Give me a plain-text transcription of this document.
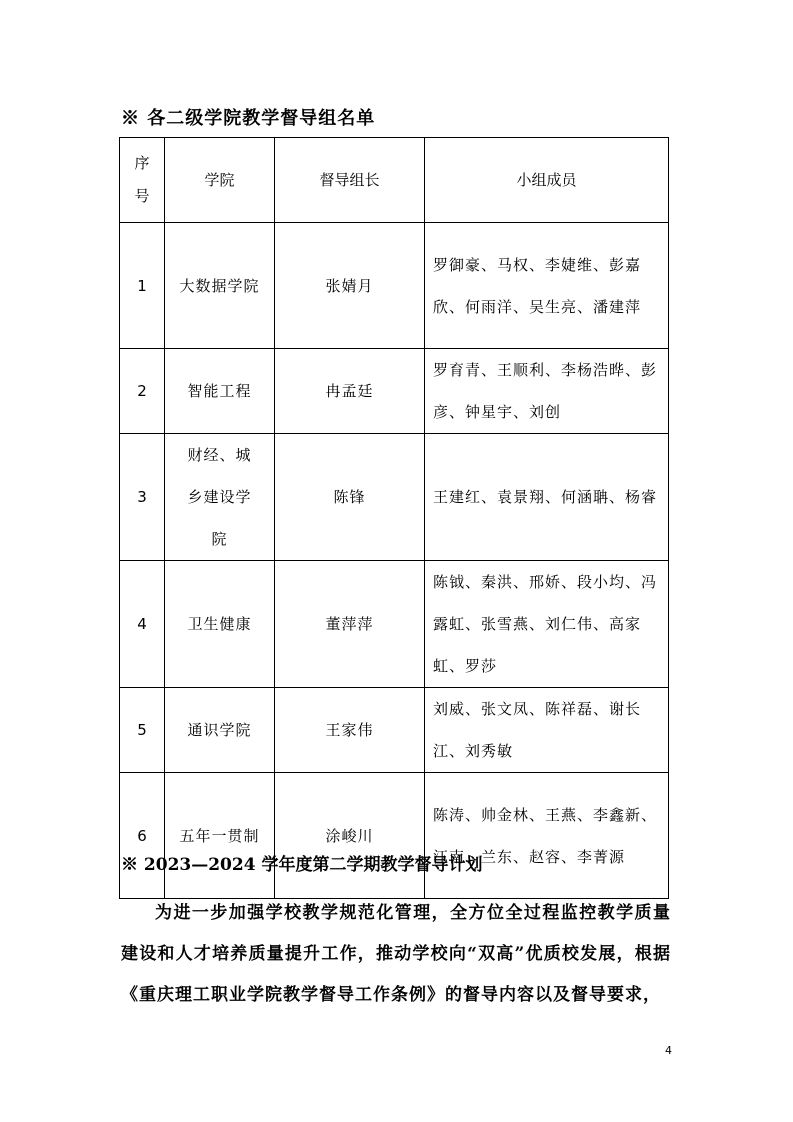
※ 各二级学院教学督导组名单
序号	学院	督导组长	小组成员
1	大数据学院	张婧月	罗御豪、马权、李婕维、彭嘉欣、何雨洋、吴生亮、潘建萍
2	智能工程	冉孟廷	罗育青、王顺利、李杨浩晔、彭彦、钟星宇、刘创
3	财经、城乡建设学院	陈锋	王建红、袁景翔、何涵聃、杨睿
4	卫生健康	董萍萍	陈钺、秦洪、邢娇、段小均、冯露虹、张雪燕、刘仁伟、高家虹、罗莎
5	通识学院	王家伟	刘威、张文凤、陈祥磊、谢长江、刘秀敏
6	五年一贯制	涂峻川	陈涛、帅金林、王燕、李鑫新、江南、兰东、赵容、李菁源
※ 2023—2024 学年度第二学期教学督导计划

为进一步加强学校教学规范化管理，全方位全过程监控教学质量建设和人才培养质量提升工作，推动学校向“双高”优质校发展，根据《重庆理工职业学院教学督导工作条例》的督导内容以及督导要求，

4
